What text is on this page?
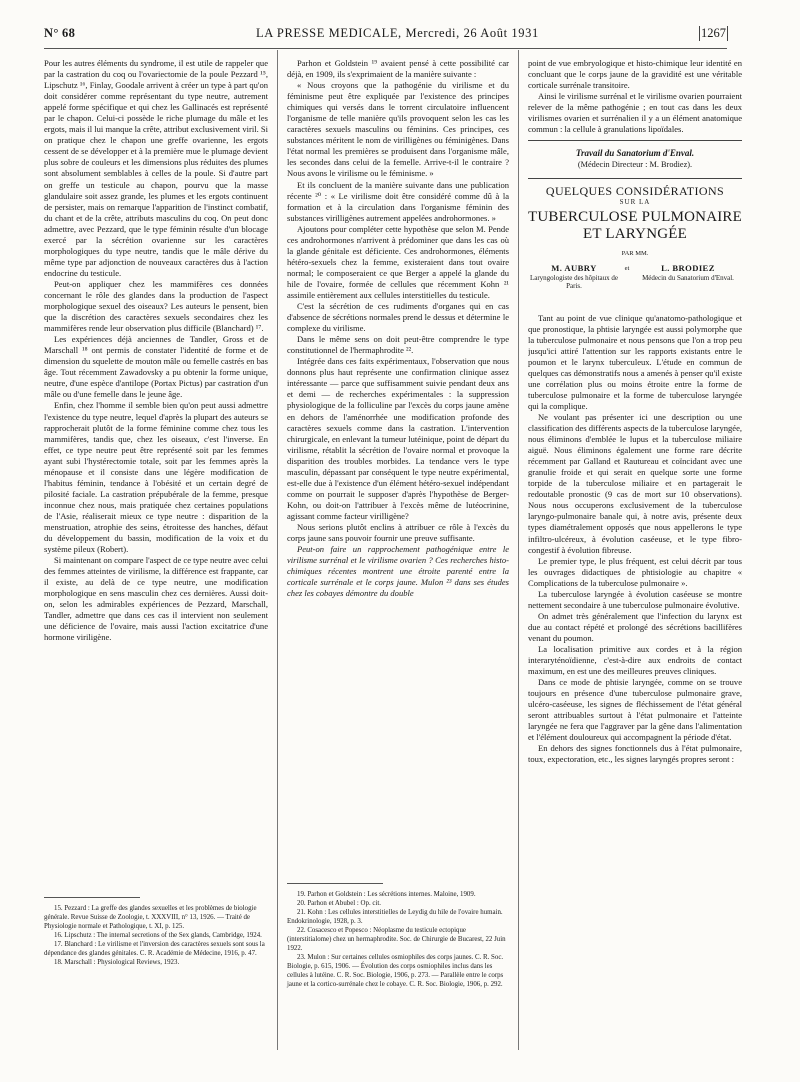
N° 68	LA PRESSE MEDICALE, Mercredi, 26 Août 1931	1267

Pour les autres éléments du syndrome, il est utile de rappeler que par la castration du coq ou l'ovariectomie de la poule Pezzard ¹⁵, Lipschutz ¹⁶, Finlay, Goodale arrivent à créer un type à part qu'on doit considérer comme représentant du type neutre, autrement appelé forme spécifique et qui chez les Gallinacés est représenté par le chapon. Celui-ci possède le riche plumage du mâle et les ergots, mais il lui manque la crête, attribut exclusivement viril. Si on pratique chez le chapon une greffe ovarienne, les ergots cessent de se développer et à la première mue le plumage devient plus sobre de couleurs et les dimensions plus réduites des plumes sont absolument semblables à celles de la poule. Si d'autre part on greffe un testicule au chapon, pourvu que la masse glandulaire soit assez grande, les plumes et les ergots continuent de persister, mais on remarque l'apparition de l'instinct combatif, du chant et de la crête, attributs masculins du coq. On peut donc admettre, avec Pezzard, que le type féminin résulte d'un blocage exercé par la sécrétion ovarienne sur les caractères morphologiques du type neutre, tandis que le mâle dérive du même type par adjonction de nouveaux caractères dus à l'action endocrine du testicule.

Peut-on appliquer chez les mammifères ces données concernant le rôle des glandes dans la production de l'aspect morphologique sexuel des oiseaux? Les auteurs le pensent, bien que la discrétion des caractères sexuels secondaires chez les mammifères rende leur observation plus difficile (Blanchard) ¹⁷.

Les expériences déjà anciennes de Tandler, Gross et de Marschall ¹⁸ ont permis de constater l'identité de forme et de dimension du squelette de mouton mâle ou femelle castrés en bas âge. Tout récemment Zawadovsky a pu obtenir la forme unique, neutre, d'une espèce d'antilope (Portax Pictus) par castration d'un mâle ou d'une femelle dans le jeune âge.

Enfin, chez l'homme il semble bien qu'on peut aussi admettre l'existence du type neutre, lequel d'après la plupart des auteurs se rapprocherait plutôt de la forme féminine comme chez tous les mammifères, tandis que, chez les oiseaux, c'est l'inverse. En effet, ce type neutre peut être représenté soit par les femmes ayant subi l'hystérectomie totale, soit par les femmes après la ménopause et il consiste dans une légère modification de l'habitus féminin, tendance à l'obésité et un certain degré de pilosité faciale. La castration prépubérale de la femme, presque inconnue chez nous, mais pratiquée chez certaines populations de l'Asie, réaliserait mieux ce type neutre : disparition de la menstruation, atrophie des seins, étroitesse des hanches, défaut du développement du bassin, modification de la voix et du système pileux (Robert).

Si maintenant on compare l'aspect de ce type neutre avec celui des femmes atteintes de virilisme, la différence est frappante, car il existe, au delà de ce type neutre, une modification morphologique en sens masculin chez ces dernières. Aussi doit-on, selon les admirables expériences de Pezzard, Marschall, Tandler, admettre que dans ces cas il intervient non seulement une déficience de l'ovaire, mais aussi l'action excitatrice d'une hormone viriligène.

15. Pezzard : La greffe des glandes sexuelles et les problèmes de biologie générale. Revue Suisse de Zoologie, t. XXXVIII, n° 13, 1926. — Traité de Physiologie normale et Pathologique, t. XI, p. 125.

16. Lipschutz : The internal secretions of the Sex glands, Cambridge, 1924.

17. Blanchard : Le virilisme et l'inversion des caractères sexuels sont sous la dépendance des glandes génitales. C. R. Académie de Médecine, 1916, p. 47.

18. Marschall : Physiological Reviews, 1923.

Parhon et Goldstein ¹⁹ avaient pensé à cette possibilité car déjà, en 1909, ils s'exprimaient de la manière suivante :

« Nous croyons que la pathogénie du virilisme et du féminisme peut être expliquée par l'existence des principes chimiques qui versés dans le torrent circulatoire influencent l'organisme de telle manière qu'ils provoquent selon les cas les caractères sexuels masculins ou féminins. Ces principes, ces substances méritent le nom de virilligènes ou féminigènes. Dans l'état normal les premières se produisent dans l'organisme mâle, les secondes dans celui de la femelle. Arrive-t-il le contraire ? Nous avons le virilisme ou le féminisme. »

Et ils concluent de la manière suivante dans une publication récente ²⁰ : « Le virilisme doit être considéré comme dû à la formation et à la circulation dans l'organisme féminin des substances virilligènes autrement appelées androhormones. »

Ajoutons pour compléter cette hypothèse que selon M. Pende ces androhormones n'arrivent à prédominer que dans les cas où la glande génitale est déficiente. Ces androhormones, éléments hétéro-sexuels chez la femme, existeraient dans tout ovaire normal; le composeraient ce que Berger a appelé la glande du hile de l'ovaire, formée de cellules que récemment Kohn ²¹ assimile entièrement aux cellules interstitielles du testicule.

C'est la sécrétion de ces rudiments d'organes qui en cas d'absence de sécrétions normales prend le dessus et détermine le complexe du virilisme.

Dans le même sens on doit peut-être comprendre le type constitutionnel de l'hermaphrodite ²².

Intégrée dans ces faits expérimentaux, l'observation que nous donnons plus haut représente une confirmation clinique assez intéressante — parce que suffisamment suivie pendant deux ans et demi — de recherches expérimentales : la suppression physiologique de la folliculine par l'excès du corps jaune amène en dehors de l'aménorrhée une modification profonde des caractères sexuels comme dans la castration. L'intervention chirurgicale, en enlevant la tumeur lutéinique, point de départ du virilisme, rétablit la sécrétion de l'ovaire normal et provoque la disparition des troubles morbides. La tendance vers le type masculin, dépassant par conséquent le type neutre expérimental, est-elle due à l'existence d'un élément hétéro-sexuel indépendant comme on pourrait le supposer d'après l'hypothèse de Berger-Kohn, ou doit-on l'attribuer à l'excès même de lutéocrinine, agissant comme facteur virilligène?

Nous serions plutôt enclins à attribuer ce rôle à l'excès du corps jaune sans pouvoir fournir une preuve suffisante.

Peut-on faire un rapprochement pathogénique entre le virilisme surrénal et le virilisme ovarien ? Ces recherches histo-chimiques récentes montrent une étroite parenté entre la corticale surrénale et le corps jaune. Mulon ²³ dans ses études chez les cobayes démontre du double

19. Parhon et Goldstein : Les sécrétions internes. Maloine, 1909.

20. Parhon et Abubel : Op. cit.

21. Kohn : Les cellules interstitielles de Leydig du hile de l'ovaire humain. Endokrinologie, 1928, p. 3.

22. Cosacesco et Popesco : Néoplasme du testicule ectopique (interstitialome) chez un hermaphrodite. Soc. de Chirurgie de Bucarest, 22 Juin 1922.

23. Mulon : Sur certaines cellules osmiophiles des corps jaunes. C. R. Soc. Biologie, p. 615, 1906. — Évolution des corps osmiophiles inclus dans les cellules à lutéine. C. R. Soc. Biologie, 1906, p. 273. — Parallèle entre le corps jaune et la cortico-surrénale chez le cobaye. C. R. Soc. Biologie, 1906, p. 292.

point de vue embryologique et histo-chimique leur identité en concluant que le corps jaune de la gravidité est une véritable corticale surrénale transitoire.

Ainsi le virilisme surrénal et le virilisme ovarien pourraient relever de la même pathogénie ; en tout cas dans les deux virilismes ovarien et surrénalien il y a un élément anatomique commun : la cellule à granulations lipoïdales.

Travail du Sanatorium d'Enval.
(Médecin Directeur : M. Brodiez).
QUELQUES CONSIDÉRATIONS
SUR LA
TUBERCULOSE PULMONAIRE ET LARYNGÉE
PAR MM.
M. AUBRY
Laryngologiste des hôpitaux de Paris.
et	L. BRODIEZ
Médecin du Sanatorium d'Enval.

Tant au point de vue clinique qu'anatomo-pathologique et que pronostique, la phtisie laryngée est aussi polymorphe que la tuberculose pulmonaire et nous pensons que l'on a trop peu jusqu'ici attiré l'attention sur les rapports existants entre le poumon et le larynx tuberculeux. L'étude en commun de quelques cas démonstratifs nous a amenés à penser qu'il existe une corrélation plus ou moins étroite entre la forme de tuberculose pulmonaire et la forme de tuberculose laryngée qui la complique.

Ne voulant pas présenter ici une description ou une classification des différents aspects de la tuberculose laryngée, nous éliminons d'emblée le lupus et la tuberculose miliaire aiguë. Nous éliminons également une forme rare décrite récemment par Galland et Rautureau et coïncidant avec une granulie froide et qui serait en quelque sorte une forme torpide de la tuberculose miliaire et en partagerait le redoutable pronostic (9 cas de mort sur 10 observations). Nous nous occuperons exclusivement de la tuberculose laryngo-pulmonaire banale qui, à notre avis, présente deux types diamétralement opposés que nous appellerons le type infiltro-ulcéreux, à évolution caséeuse, et le type fibro-congestif à évolution fibreuse.

Le premier type, le plus fréquent, est celui décrit par tous les ouvrages didactiques de phtisiologie au chapitre « Complications de la tuberculose pulmonaire ».

La tuberculose laryngée à évolution caséeuse se montre nettement secondaire à une tuberculose pulmonaire évolutive.

On admet très généralement que l'infection du larynx est due au contact répété et prolongé des sécrétions bacillifères venant du poumon.

La localisation primitive aux cordes et à la région interaryténoïdienne, c'est-à-dire aux endroits de contact maximum, en est une des meilleures preuves cliniques.

Dans ce mode de phtisie laryngée, comme on se trouve toujours en présence d'une tuberculose pulmonaire grave, ulcéro-caséeuse, les signes de fléchissement de l'état général seront attribuables surtout à l'état pulmonaire et l'atteinte laryngée ne fera que l'aggraver par la gêne dans l'alimentation et l'élément douloureux qui accompagnent la période d'état.

En dehors des signes fonctionnels dus à l'état pulmonaire, toux, expectoration, etc., les signes laryngés propres seront :
